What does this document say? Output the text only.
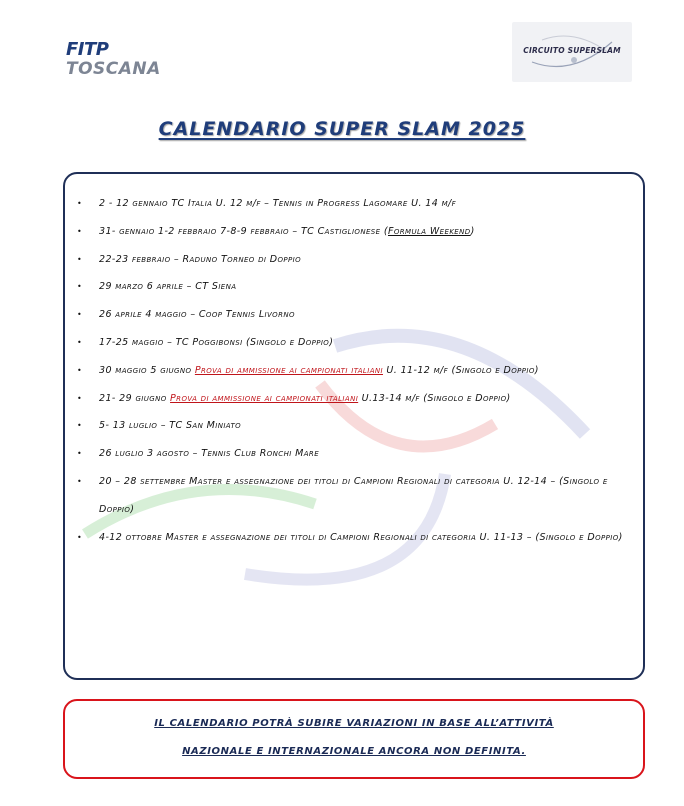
FITP
TOSCANA
CIRCUITO SUPERSLAM
CALENDARIO SUPER SLAM 2025
• 2 - 12 gennaio TC Italia U. 12 m/f – Tennis in Progress Lagomare U. 14 m/f
• 31- gennaio 1-2 febbraio 7-8-9 febbraio – TC Castiglionese (Formula Weekend)
• 22-23 febbraio – Raduno Torneo di Doppio
• 29 marzo 6 aprile – CT Siena
• 26 aprile 4 maggio – Coop Tennis Livorno
• 17-25 maggio – TC Poggibonsi (Singolo e Doppio)
• 30 maggio 5 giugno Prova di ammissione ai campionati italiani U. 11-12 m/f (Singolo e Doppio)
• 21- 29 giugno Prova di ammissione ai campionati italiani U.13-14 m/f (Singolo e Doppio)
• 5- 13 luglio – TC San Miniato
• 26 luglio 3 agosto – Tennis Club Ronchi Mare
• 20 – 28 settembre Master e assegnazione dei titoli di Campioni Regionali di categoria U. 12-14 – (Singolo e Doppio)
• 4-12 ottobre Master e assegnazione dei titoli di Campioni Regionali di categoria U. 11-13 – (Singolo e Doppio)

IL CALENDARIO POTRÀ SUBIRE VARIAZIONI IN BASE ALL’ATTIVITÀ

NAZIONALE E INTERNAZIONALE ANCORA NON DEFINITA.
